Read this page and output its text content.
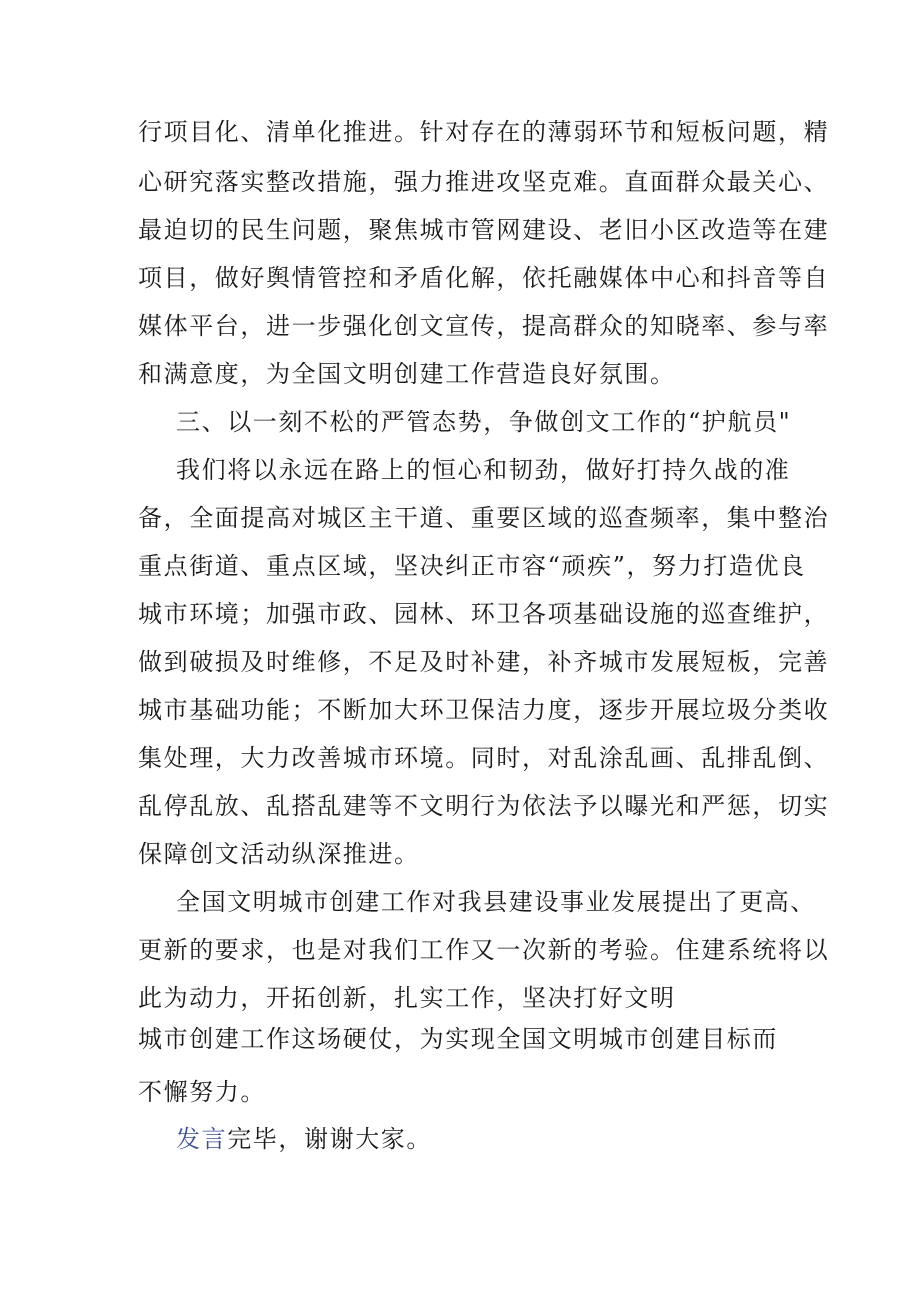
行项目化、清单化推进。针对存在的薄弱环节和短板问题，精
心研究落实整改措施，强力推进攻坚克难。直面群众最关心、
最迫切的民生问题，聚焦城市管网建设、老旧小区改造等在建
项目，做好舆情管控和矛盾化解，依托融媒体中心和抖音等自
媒体平台，进一步强化创文宣传，提高群众的知晓率、参与率
和满意度，为全国文明创建工作营造良好氛围。
三、以一刻不松的严管态势，争做创文工作的“护航员"
我们将以永远在路上的恒心和韧劲，做好打持久战的准
备，全面提高对城区主干道、重要区域的巡查频率，集中整治
重点街道、重点区域，坚决纠正市容“顽疾”，努力打造优良
城市环境；加强市政、园林、环卫各项基础设施的巡查维护，
做到破损及时维修，不足及时补建，补齐城市发展短板，完善
城市基础功能；不断加大环卫保洁力度，逐步开展垃圾分类收
集处理，大力改善城市环境。同时，对乱涂乱画、乱排乱倒、
乱停乱放、乱搭乱建等不文明行为依法予以曝光和严惩，切实
保障创文活动纵深推进。
全国文明城市创建工作对我县建设事业发展提出了更高、
更新的要求，也是对我们工作又一次新的考验。住建系统将以
此为动力，开拓创新，扎实工作，坚决打好文明
城市创建工作这场硬仗，为实现全国文明城市创建目标而
不懈努力。
发言完毕，谢谢大家。
